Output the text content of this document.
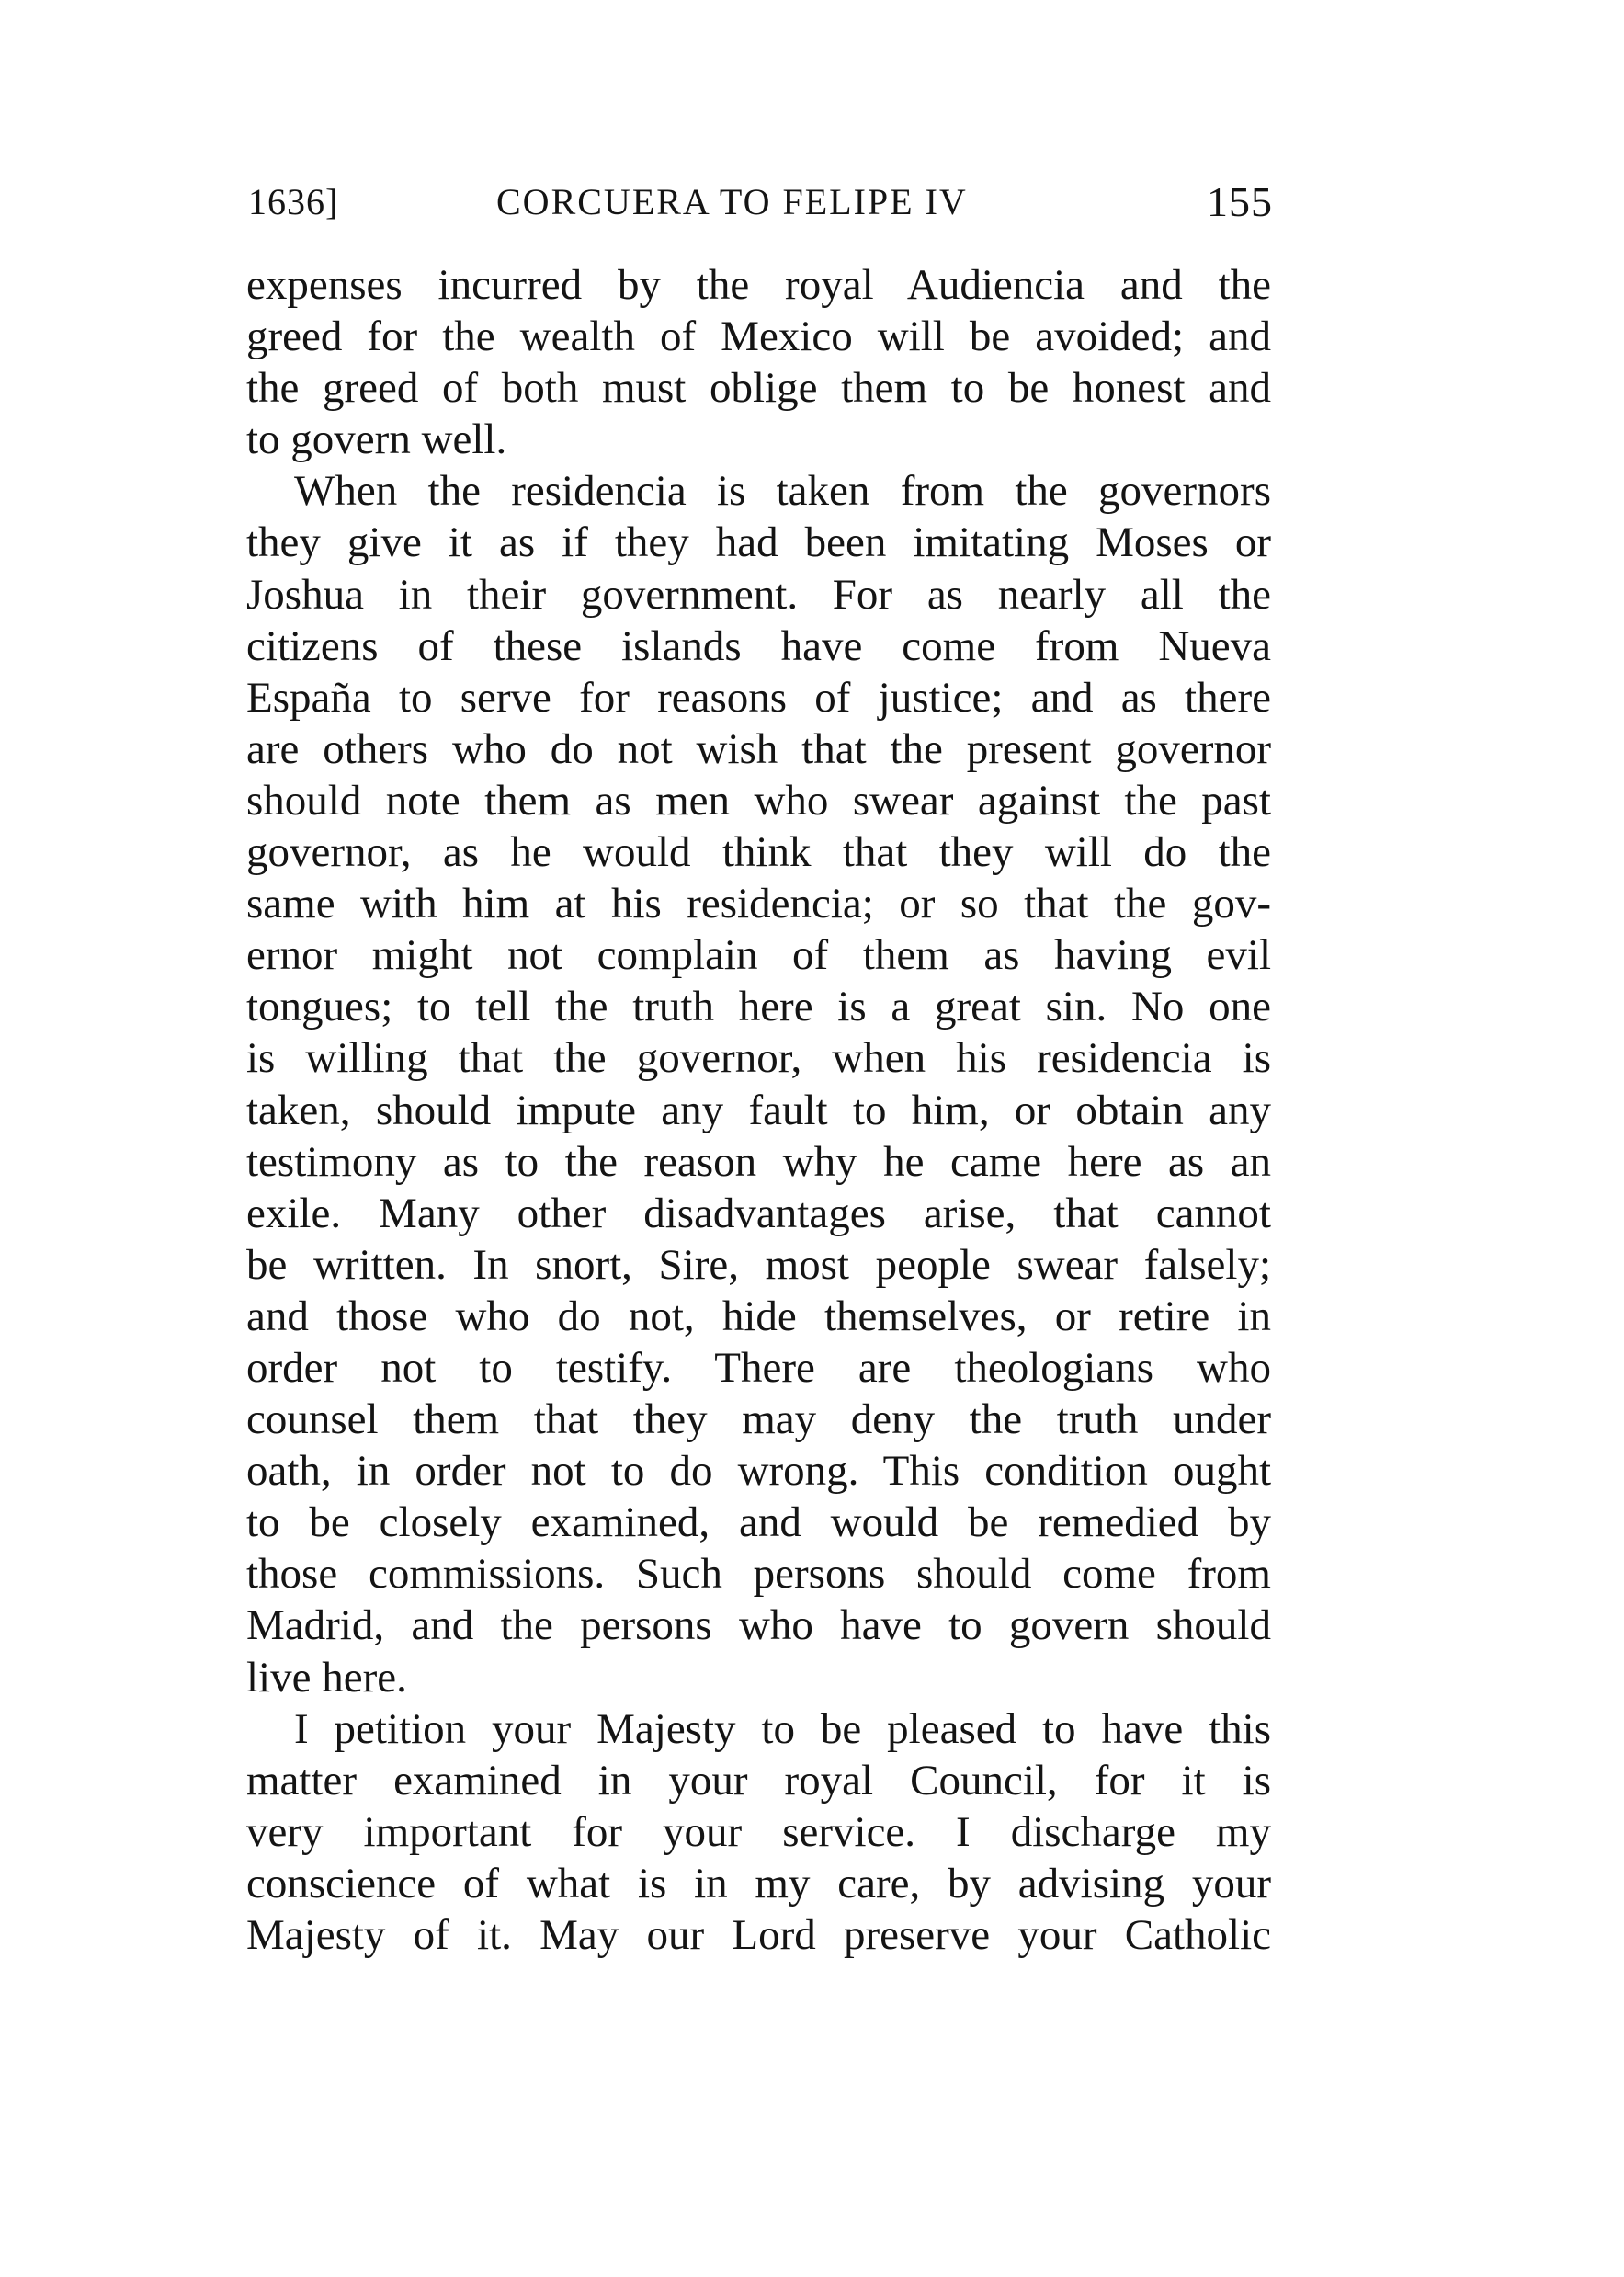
1636]	CORCUERA TO FELIPE IV	155
expenses incurred by the royal Audiencia and the
greed for the wealth of Mexico will be avoided; and
the greed of both must oblige them to be honest and
to govern well.
When the residencia is taken from the governors
they give it as if they had been imitating Moses or
Joshua in their government. For as nearly all the
citizens of these islands have come from Nueva
España to serve for reasons of justice; and as there
are others who do not wish that the present governor
should note them as men who swear against the past
governor, as he would think that they will do the
same with him at his residencia; or so that the gov-
ernor might not complain of them as having evil
tongues; to tell the truth here is a great sin. No one
is willing that the governor, when his residencia is
taken, should impute any fault to him, or obtain any
testimony as to the reason why he came here as an
exile. Many other disadvantages arise, that cannot
be written. In snort, Sire, most people swear falsely;
and those who do not, hide themselves, or retire in
order not to testify. There are theologians who
counsel them that they may deny the truth under
oath, in order not to do wrong. This condition ought
to be closely examined, and would be remedied by
those commissions. Such persons should come from
Madrid, and the persons who have to govern should
live here.
I petition your Majesty to be pleased to have this
matter examined in your royal Council, for it is
very important for your service. I discharge my
conscience of what is in my care, by advising your
Majesty of it. May our Lord preserve your Catholic
